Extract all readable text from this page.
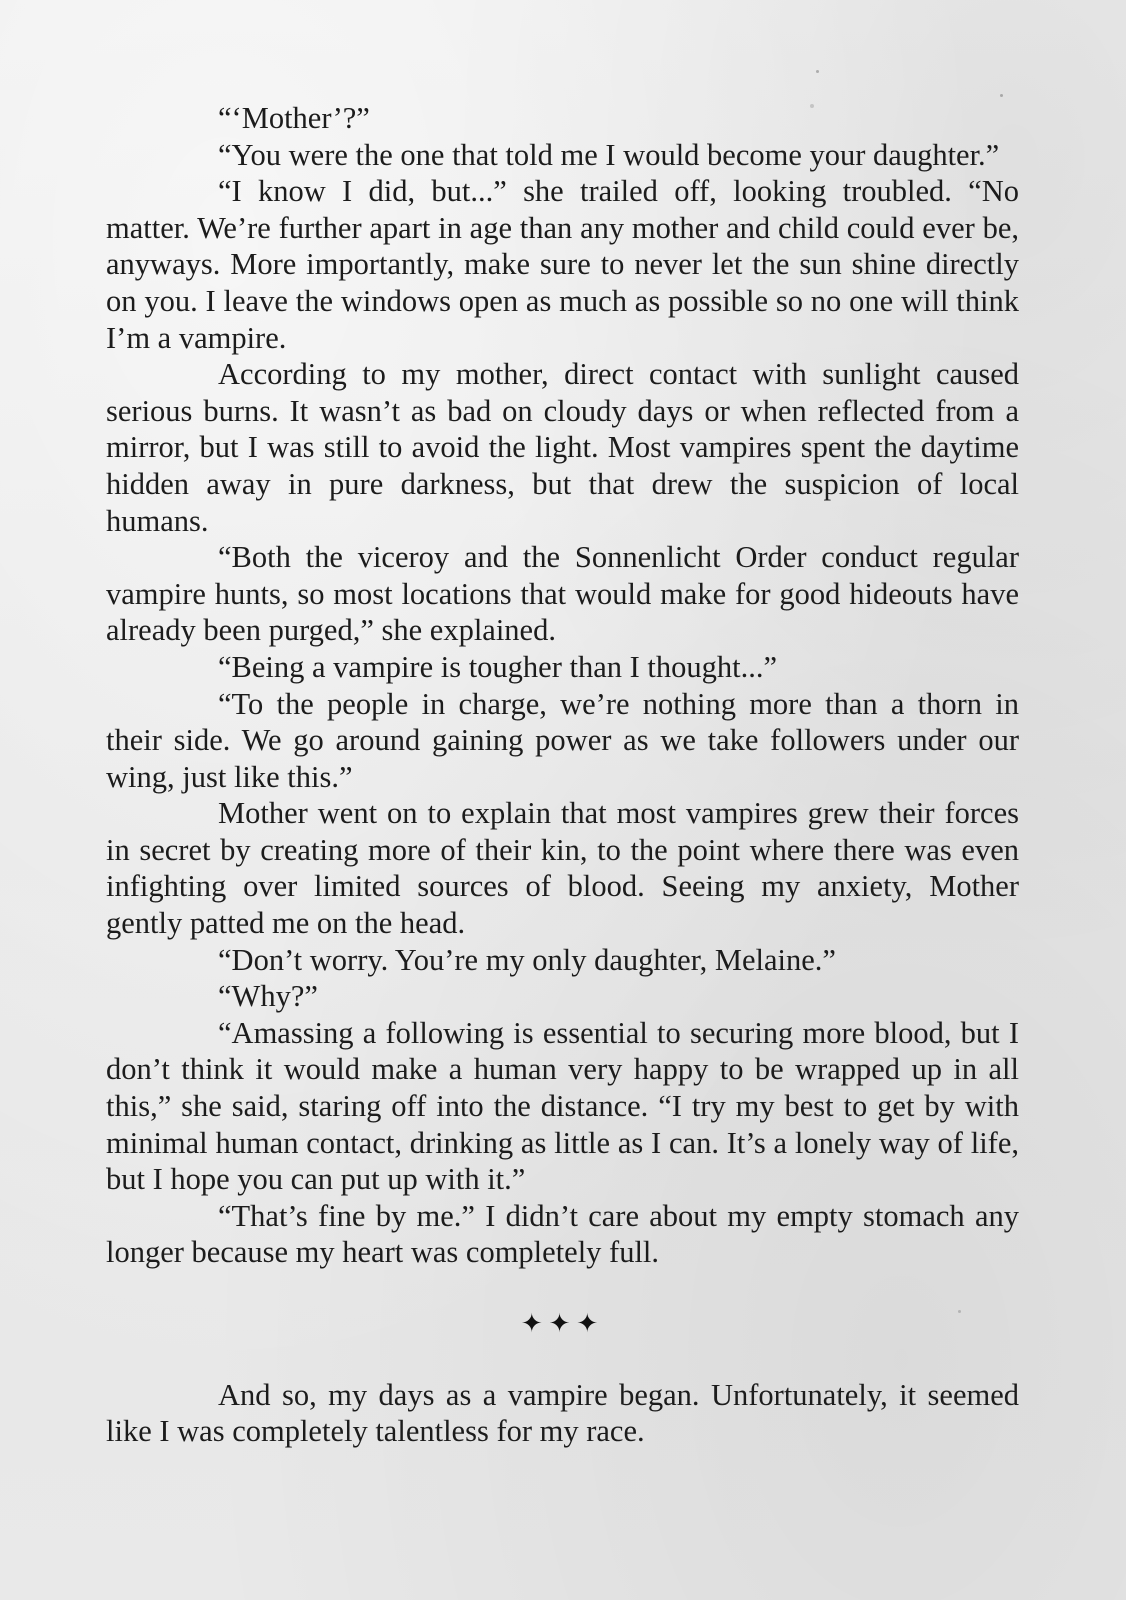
“‘Mother’?”

“You were the one that told me I would become your daughter.”

“I know I did, but...” she trailed off, looking troubled. “No matter. We’re further apart in age than any mother and child could ever be, anyways. More importantly, make sure to never let the sun shine directly on you. I leave the windows open as much as possible so no one will think I’m a vampire.

According to my mother, direct contact with sunlight caused serious burns. It wasn’t as bad on cloudy days or when reflected from a mirror, but I was still to avoid the light. Most vampires spent the daytime hidden away in pure darkness, but that drew the suspicion of local humans.

“Both the viceroy and the Sonnenlicht Order conduct regular vampire hunts, so most locations that would make for good hideouts have already been purged,” she explained.

“Being a vampire is tougher than I thought...”

“To the people in charge, we’re nothing more than a thorn in their side. We go around gaining power as we take followers under our wing, just like this.”

Mother went on to explain that most vampires grew their forces in secret by creating more of their kin, to the point where there was even infighting over limited sources of blood. Seeing my anxiety, Mother gently patted me on the head.

“Don’t worry. You’re my only daughter, Melaine.”

“Why?”

“Amassing a following is essential to securing more blood, but I don’t think it would make a human very happy to be wrapped up in all this,” she said, staring off into the distance. “I try my best to get by with minimal human contact, drinking as little as I can. It’s a lonely way of life, but I hope you can put up with it.”

“That’s fine by me.” I didn’t care about my empty stomach any longer because my heart was completely full.

✦✦✦

And so, my days as a vampire began. Unfortunately, it seemed like I was completely talentless for my race.
